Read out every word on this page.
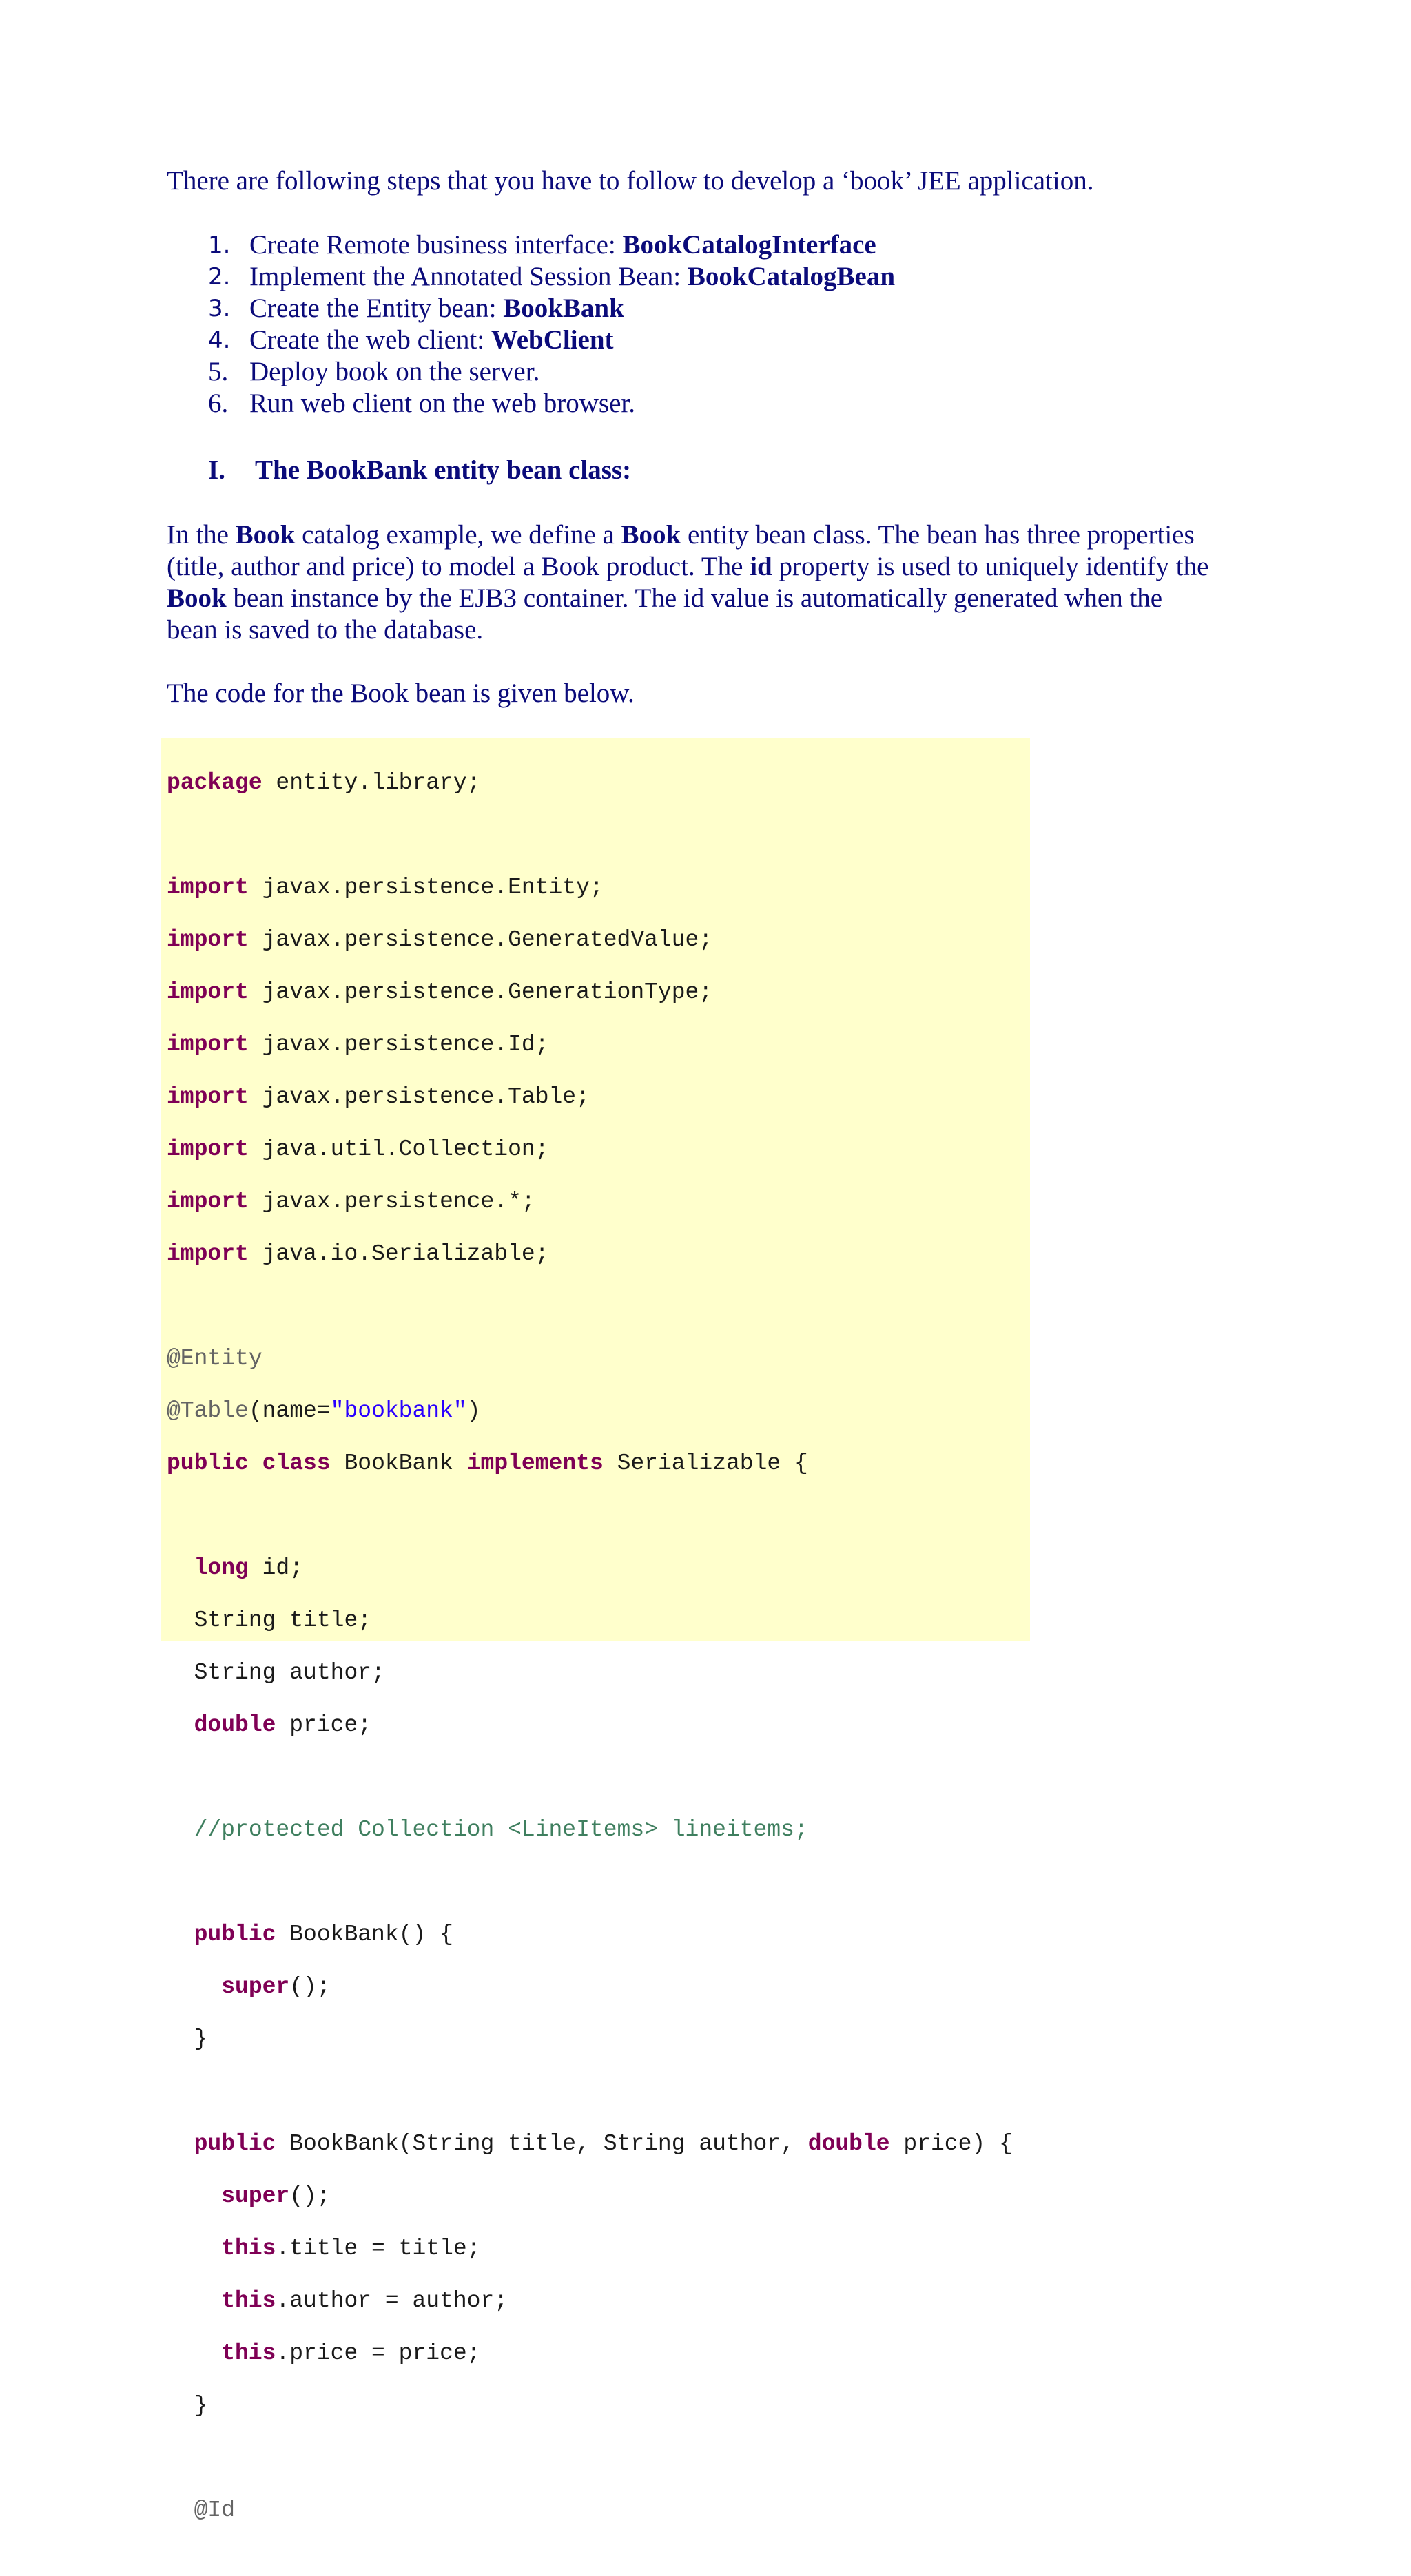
There are following steps that you have to follow to develop a ‘book’ JEE application.
1. Create Remote business interface: BookCatalogInterface
2. Implement the Annotated Session Bean: BookCatalogBean
3. Create the Entity bean: BookBank
4. Create the web client: WebClient
5. Deploy book on the server.
6. Run web client on the web browser.
I. The BookBank entity bean class:
In the Book catalog example, we define a Book entity bean class. The bean has three properties
(title, author and price) to model a Book product. The id property is used to uniquely identify the
Book bean instance by the EJB3 container. The id value is automatically generated when the
bean is saved to the database.
The code for the Book bean is given below.

package entity.library;

import javax.persistence.Entity;

import javax.persistence.GeneratedValue;

import javax.persistence.GenerationType;

import javax.persistence.Id;

import javax.persistence.Table;

import java.util.Collection;

import javax.persistence.*;

import java.io.Serializable;

@Entity

@Table(name="bookbank")

public class BookBank implements Serializable {

long id;

String title;

String author;

double price;

//protected Collection <LineItems> lineitems;

public BookBank() {

super();

}

public BookBank(String title, String author, double price) {

super();

this.title = title;

this.author = author;

this.price = price;

}

@Id
